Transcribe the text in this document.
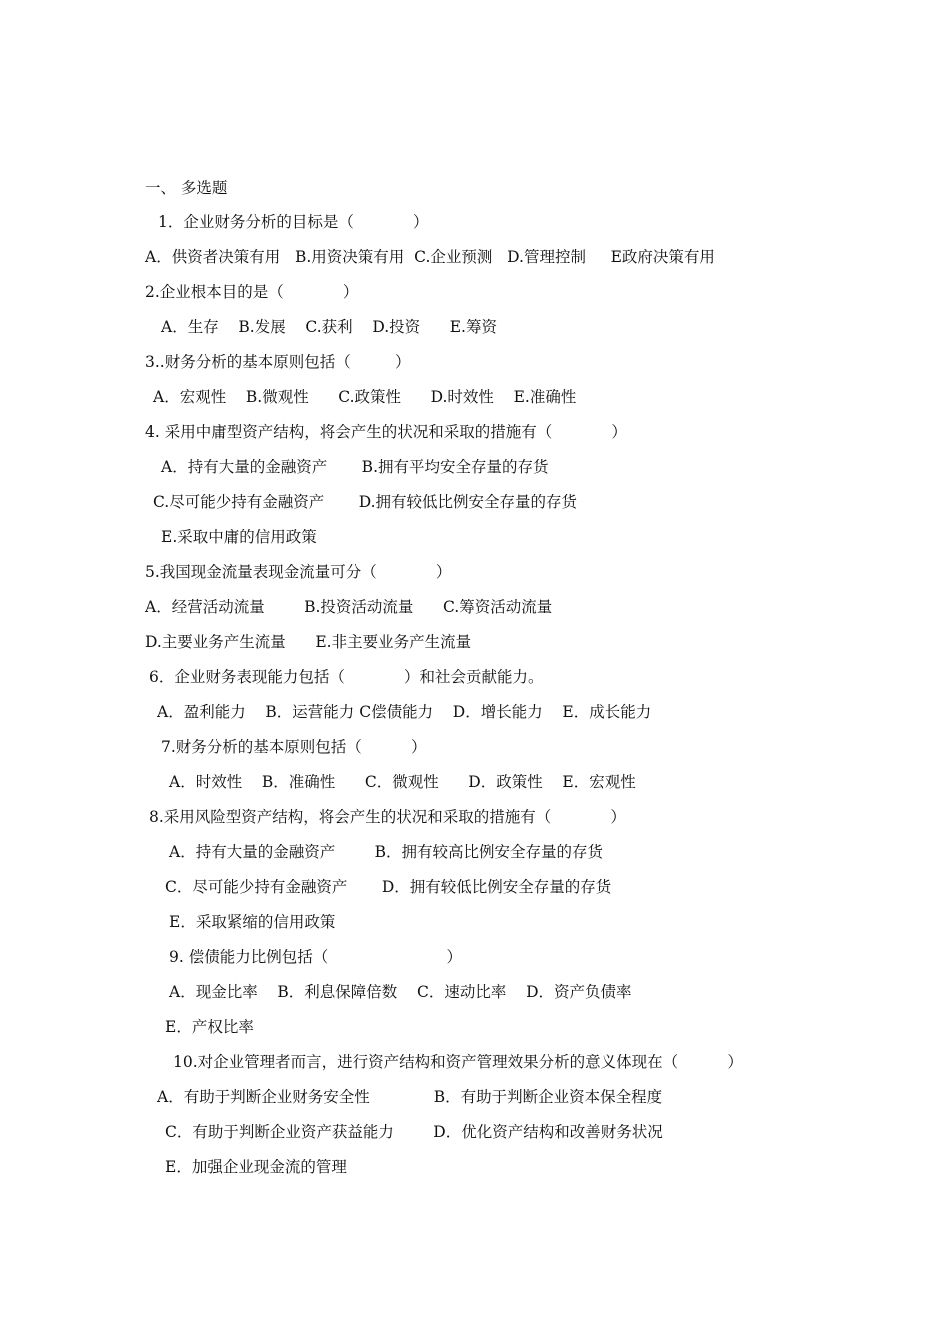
一、 多选题
1．企业财务分析的目标是（            ）
A．供资者决策有用   B.用资决策有用  C.企业预测   D.管理控制     E政府决策有用
2.企业根本目的是（            ）
A．生存    B.发展    C.获利    D.投资      E.筹资
3..财务分析的基本原则包括（         ）
A．宏观性    B.微观性      C.政策性      D.时效性    E.准确性
4. 采用中庸型资产结构，将会产生的状况和采取的措施有（            ）
A．持有大量的金融资产       B.拥有平均安全存量的存货
C.尽可能少持有金融资产       D.拥有较低比例安全存量的存货
E.采取中庸的信用政策
5.我国现金流量表现金流量可分（            ）
A．经营活动流量        B.投资活动流量      C.筹资活动流量
D.主要业务产生流量      E.非主要业务产生流量
6．企业财务表现能力包括（            ）和社会贡献能力。
A．盈利能力    B．运营能力 C偿债能力    D．增长能力    E．成长能力
7.财务分析的基本原则包括（          ）
A．时效性    B．准确性      C．微观性      D．政策性    E．宏观性
8.采用风险型资产结构，将会产生的状况和采取的措施有（            ）
A．持有大量的金融资产        B．拥有较高比例安全存量的存货
C．尽可能少持有金融资产       D．拥有较低比例安全存量的存货
E．采取紧缩的信用政策
9. 偿债能力比例包括（                        ）
A．现金比率    B．利息保障倍数    C．速动比率    D．资产负债率
E．产权比率
10.对企业管理者而言，进行资产结构和资产管理效果分析的意义体现在（          ）
A．有助于判断企业财务安全性             B．有助于判断企业资本保全程度
C．有助于判断企业资产获益能力        D．优化资产结构和改善财务状况
E．加强企业现金流的管理
